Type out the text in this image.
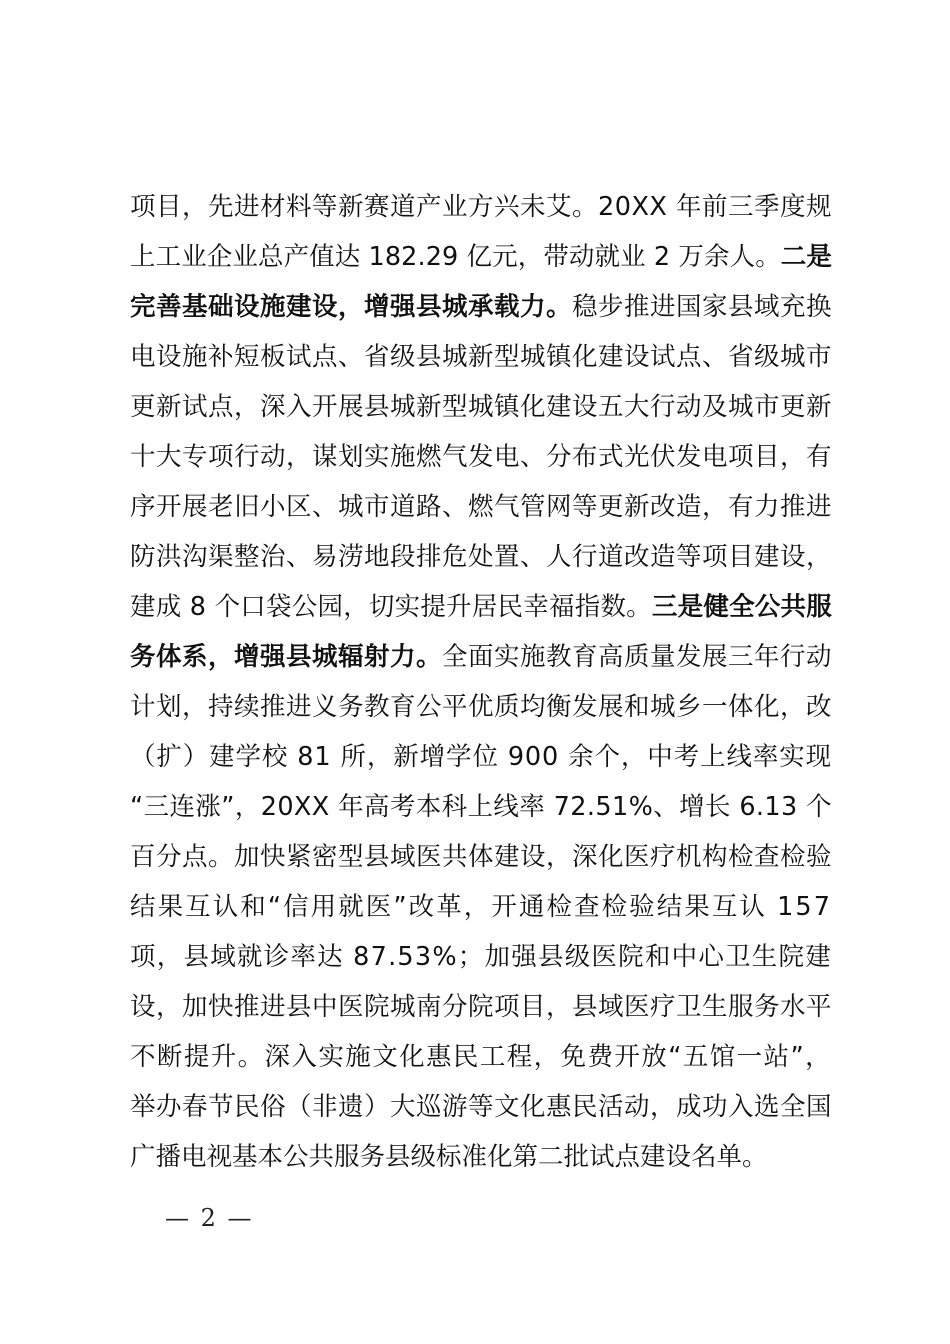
项目，先进材料等新赛道产业方兴未艾。20XX 年前三季度规
上工业企业总产值达 182.29 亿元，带动就业 2 万余人。 二是
完善基础设施建设，增强县城承载力。 稳步推进国家县域充换
电设施补短板试点、省级县城新型城镇化建设试点、省级城市
更新试点，深入开展县城新型城镇化建设五大行动及城市更新
十大专项行动，谋划实施燃气发电、分布式光伏发电项目，有
序开展老旧小区、城市道路、燃气管网等更新改造，有力推进
防洪沟渠整治、易涝地段排危处置、人行道改造等项目建设，
建成 8 个口袋公园，切实提升居民幸福指数。 三是健全公共服
务体系，增强县城辐射力。 全面实施教育高质量发展三年行动
计划，持续推进义务教育公平优质均衡发展和城乡一体化，改
（扩）建学校 81 所，新增学位 900 余个，中考上线率实现
“三连涨”，20XX 年高考本科上线率 72.51%、增长 6.13 个
百分点。加快紧密型县域医共体建设，深化医疗机构检查检验
结果互认和“信用就医”改革，开通检查检验结果互认 157
项，县域就诊率达 87.53%；加强县级医院和中心卫生院建
设，加快推进县中医院城南分院项目，县域医疗卫生服务水平
不断提升。深入实施文化惠民工程，免费开放“五馆一站”，
举办春节民俗（非遗）大巡游等文化惠民活动，成功入选全国
广播电视基本公共服务县级标准化第二批试点建设名单。
— 2 —
